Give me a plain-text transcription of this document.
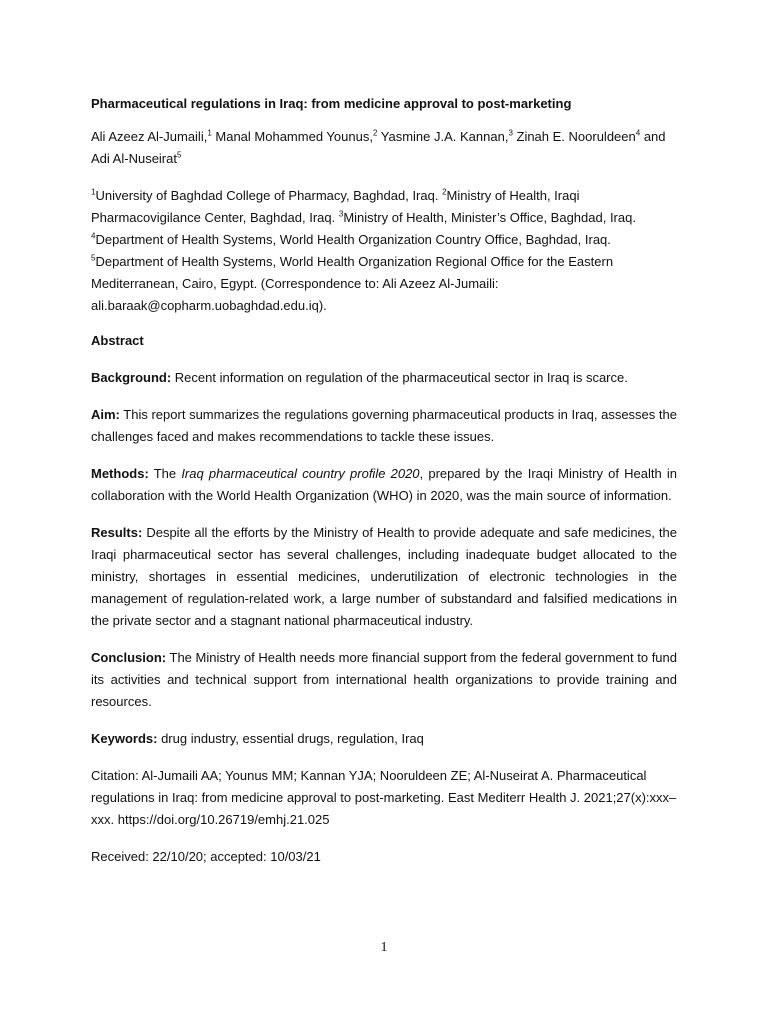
Pharmaceutical regulations in Iraq: from medicine approval to post-marketing
Ali Azeez Al-Jumaili,$^1$ Manal Mohammed Younus,$^2$ Yasmine J.A. Kannan,$^3$ Zinah E. Nooruldeen$^4$ and Adi Al-Nuseirat$^5$
$^1$University of Baghdad College of Pharmacy, Baghdad, Iraq. $^2$Ministry of Health, Iraqi Pharmacovigilance Center, Baghdad, Iraq. $^3$Ministry of Health, Minister’s Office, Baghdad, Iraq.
$^4$Department of Health Systems, World Health Organization Country Office, Baghdad, Iraq.
$^5$Department of Health Systems, World Health Organization Regional Office for the Eastern Mediterranean, Cairo, Egypt. (Correspondence to: Ali Azeez Al-Jumaili: ali.baraak@copharm.uobaghdad.edu.iq).

Abstract

Background: Recent information on regulation of the pharmaceutical sector in Iraq is scarce.

Aim: This report summarizes the regulations governing pharmaceutical products in Iraq, assesses the challenges faced and makes recommendations to tackle these issues.

Methods: The Iraq pharmaceutical country profile 2020, prepared by the Iraqi Ministry of Health in collaboration with the World Health Organization (WHO) in 2020, was the main source of information.

Results: Despite all the efforts by the Ministry of Health to provide adequate and safe medicines, the Iraqi pharmaceutical sector has several challenges, including inadequate budget allocated to the ministry, shortages in essential medicines, underutilization of electronic technologies in the management of regulation-related work, a large number of substandard and falsified medications in the private sector and a stagnant national pharmaceutical industry.

Conclusion: The Ministry of Health needs more financial support from the federal government to fund its activities and technical support from international health organizations to provide training and resources.

Keywords: drug industry, essential drugs, regulation, Iraq

Citation: Al-Jumaili AA; Younus MM; Kannan YJA; Nooruldeen ZE; Al-Nuseirat A. Pharmaceutical regulations in Iraq: from medicine approval to post-marketing. East Mediterr Health J. 2021;27(x):xxx–xxx. https://doi.org/10.26719/emhj.21.025

Received: 22/10/20; accepted: 10/03/21

1
